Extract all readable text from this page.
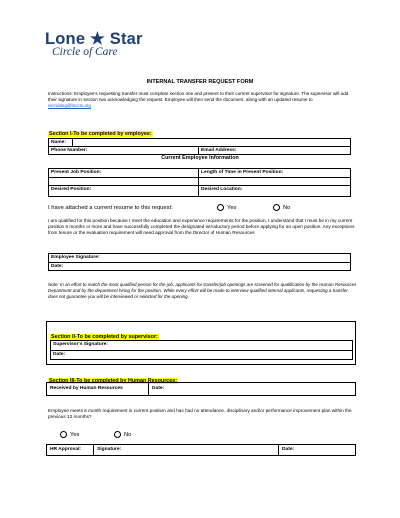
Lone ★ Star
Circle of Care
INTERNAL TRANSFER REQUEST FORM
Instructions: Employee's requesting transfer must complete section one and present to their current supervisor for signature. The supervisor will add their signature in section two acknowledging the request. Employee will then send the document, along with an updated resume to recruiting@lscctx.org
Section I-To be completed by employee:
Name:
Phone Number:	Email Address:
Current Employee Information
Present Job Position:	Length of Time in Present Position:
Desired Position:	Desired Location:
I have attached a current resume to this request:	Yes	No
I am qualified for this position because I meet the education and experience requirements for the position. I understand that I must be in my current position 6 months or more and have successfully completed the designated introductory period before applying for an open position. Any exceptions from tenure or the evaluation requirement will need approval from the Director of Human Resources
Employee Signature:
Date:
Note: In an effort to match the most qualified person for the job, applicants for transfer/job openings are screened for qualification by the Human Resources Department and by the department hiring for the position. While every effort will be made to interview qualified internal applicants, requesting a transfer does not guarantee you will be interviewed or selected for the opening.
Section II-To be completed by supervisor:
Supervisor's Signature:
Date:
Section III-To be completed by Human Resources:
Received by Human Resources	Date:
Employee meets 6 month requirement in current position and has had no attendance, disciplinary and/or performance improvement plan within the previous 12 months?
Yes	No
HR Approval:	Signature:	Date:
